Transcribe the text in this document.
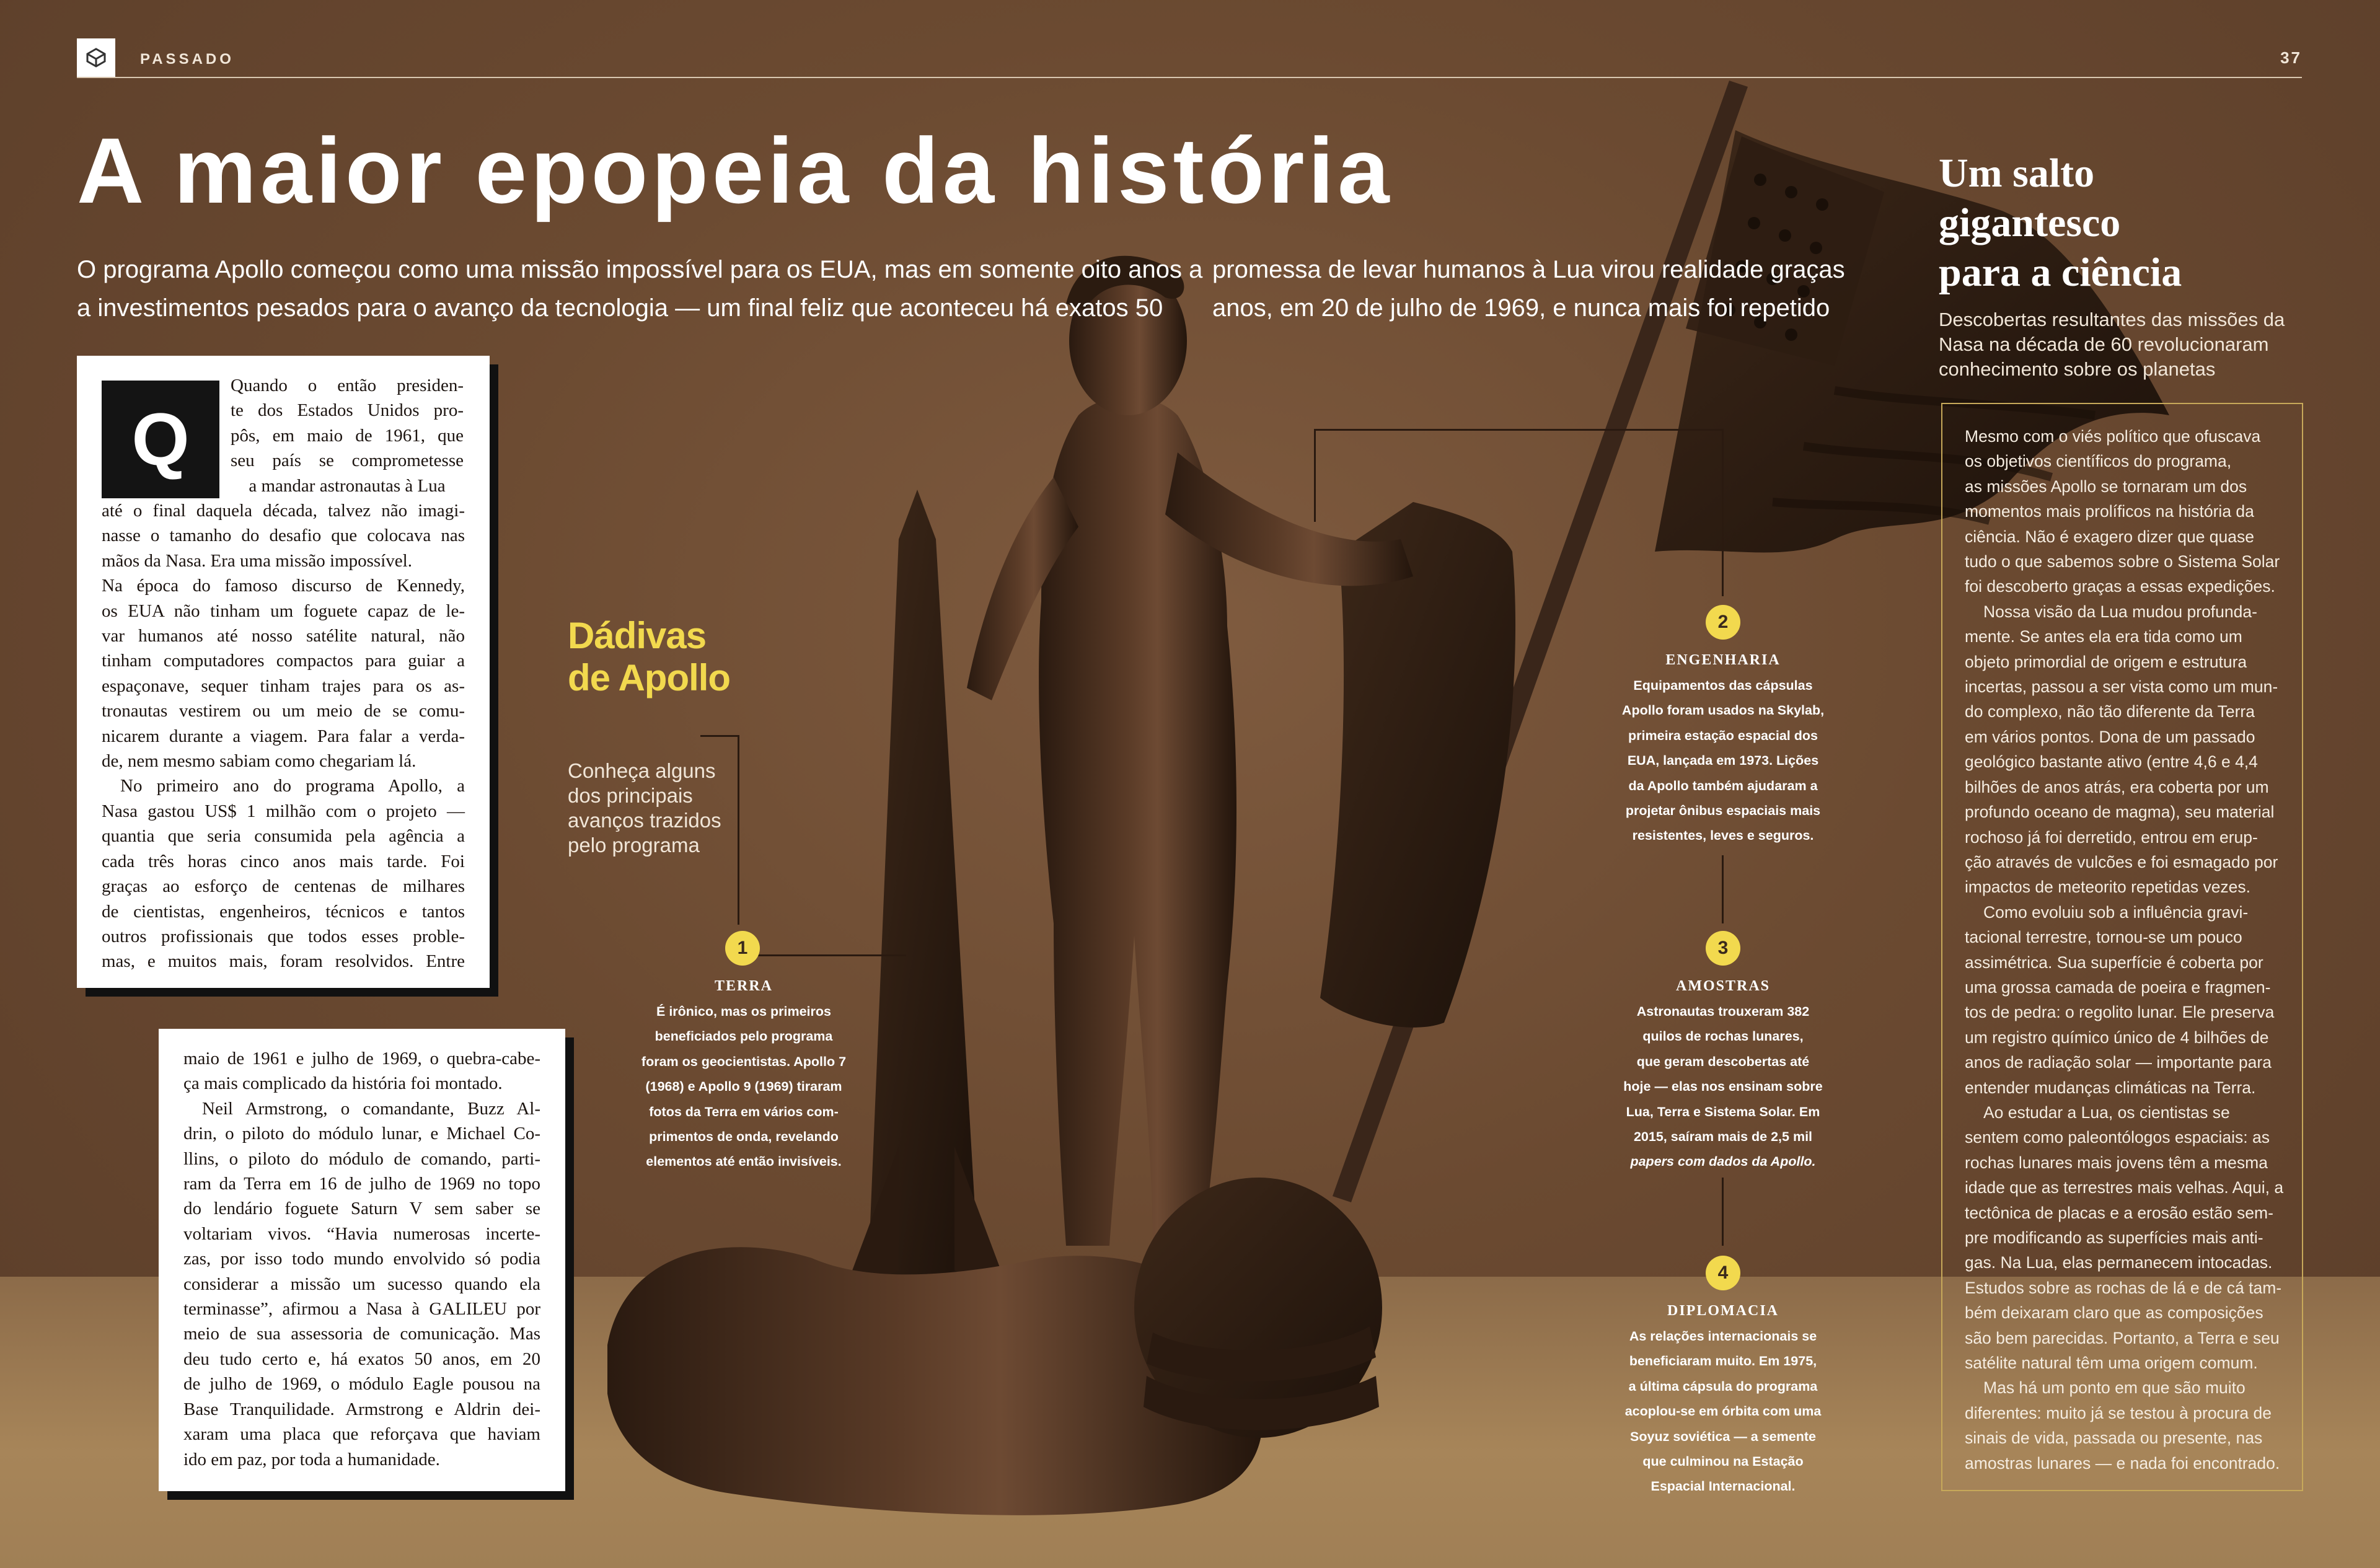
PASSADO	37
A maior epopeia da história

O programa Apollo começou como uma missão impossível para os EUA, mas em somente oito anos a

a investimentos pesados para o avanço da tecnologia — um final feliz que aconteceu há exatos 50

promessa de levar humanos à Lua virou realidade graças

anos, em 20 de julho de 1969, e nunca mais foi repetido

Q
Quando o então presiden-
te dos Estados Unidos pro-
pôs, em maio de 1961, que
seu país se comprometesse
a mandar astronautas à Lua
até o final daquela década, talvez não imagi-
nasse o tamanho do desafio que colocava nas
mãos da Nasa. Era uma missão impossível.
Na época do famoso discurso de Kennedy,
os EUA não tinham um foguete capaz de le-
var humanos até nosso satélite natural, não
tinham computadores compactos para guiar a
espaçonave, sequer tinham trajes para os as-
tronautas vestirem ou um meio de se comu-
nicarem durante a viagem. Para falar a verda-
de, nem mesmo sabiam como chegariam lá.
No primeiro ano do programa Apollo, a
Nasa gastou US$ 1 milhão com o projeto —
quantia que seria consumida pela agência a
cada três horas cinco anos mais tarde. Foi
graças ao esforço de centenas de milhares
de cientistas, engenheiros, técnicos e tantos
outros profissionais que todos esses proble-
mas, e muitos mais, foram resolvidos. Entre
maio de 1961 e julho de 1969, o quebra-cabe-
ça mais complicado da história foi montado.
Neil Armstrong, o comandante, Buzz Al-
drin, o piloto do módulo lunar, e Michael Co-
llins, o piloto do módulo de comando, parti-
ram da Terra em 16 de julho de 1969 no topo
do lendário foguete Saturn V sem saber se
voltariam vivos. “Havia numerosas incerte-
zas, por isso todo mundo envolvido só podia
considerar a missão um sucesso quando ela
terminasse”, afirmou a Nasa à GALILEU por
meio de sua assessoria de comunicação. Mas
deu tudo certo e, há exatos 50 anos, em 20
de julho de 1969, o módulo Eagle pousou na
Base Tranquilidade. Armstrong e Aldrin dei-
xaram uma placa que reforçava que haviam
ido em paz, por toda a humanidade.
Dádivas
de Apollo
Conheça alguns
dos principais
avanços trazidos
pelo programa
1
TERRA
É irônico, mas os primeiros
beneficiados pelo programa
foram os geocientistas. Apollo 7
(1968) e Apollo 9 (1969) tiraram
fotos da Terra em vários com-
primentos de onda, revelando
elementos até então invisíveis.
2
ENGENHARIA
Equipamentos das cápsulas
Apollo foram usados na Skylab,
primeira estação espacial dos
EUA, lançada em 1973. Lições
da Apollo também ajudaram a
projetar ônibus espaciais mais
resistentes, leves e seguros.
3
AMOSTRAS
Astronautas trouxeram 382
quilos de rochas lunares,
que geram descobertas até
hoje — elas nos ensinam sobre
Lua, Terra e Sistema Solar. Em
2015, saíram mais de 2,5 mil
papers com dados da Apollo.
4
DIPLOMACIA
As relações internacionais se
beneficiaram muito. Em 1975,
a última cápsula do programa
acoplou-se em órbita com uma
Soyuz soviética — a semente
que culminou na Estação
Espacial Internacional.
Um salto
gigantesco
para a ciência
Descobertas resultantes das missões da
Nasa na década de 60 revolucionaram
conhecimento sobre os planetas
Mesmo com o viés político que ofuscava
os objetivos científicos do programa,
as missões Apollo se tornaram um dos
momentos mais prolíficos na história da
ciência. Não é exagero dizer que quase
tudo o que sabemos sobre o Sistema Solar
foi descoberto graças a essas expedições.
Nossa visão da Lua mudou profunda-
mente. Se antes ela era tida como um
objeto primordial de origem e estrutura
incertas, passou a ser vista como um mun-
do complexo, não tão diferente da Terra
em vários pontos. Dona de um passado
geológico bastante ativo (entre 4,6 e 4,4
bilhões de anos atrás, era coberta por um
profundo oceano de magma), seu material
rochoso já foi derretido, entrou em erup-
ção através de vulcões e foi esmagado por
impactos de meteorito repetidas vezes.
Como evoluiu sob a influência gravi-
tacional terrestre, tornou-se um pouco
assimétrica. Sua superfície é coberta por
uma grossa camada de poeira e fragmen-
tos de pedra: o regolito lunar. Ele preserva
um registro químico único de 4 bilhões de
anos de radiação solar — importante para
entender mudanças climáticas na Terra.
Ao estudar a Lua, os cientistas se
sentem como paleontólogos espaciais: as
rochas lunares mais jovens têm a mesma
idade que as terrestres mais velhas. Aqui, a
tectônica de placas e a erosão estão sem-
pre modificando as superfícies mais anti-
gas. Na Lua, elas permanecem intocadas.
Estudos sobre as rochas de lá e de cá tam-
bém deixaram claro que as composições
são bem parecidas. Portanto, a Terra e seu
satélite natural têm uma origem comum.
Mas há um ponto em que são muito
diferentes: muito já se testou à procura de
sinais de vida, passada ou presente, nas
amostras lunares — e nada foi encontrado.
